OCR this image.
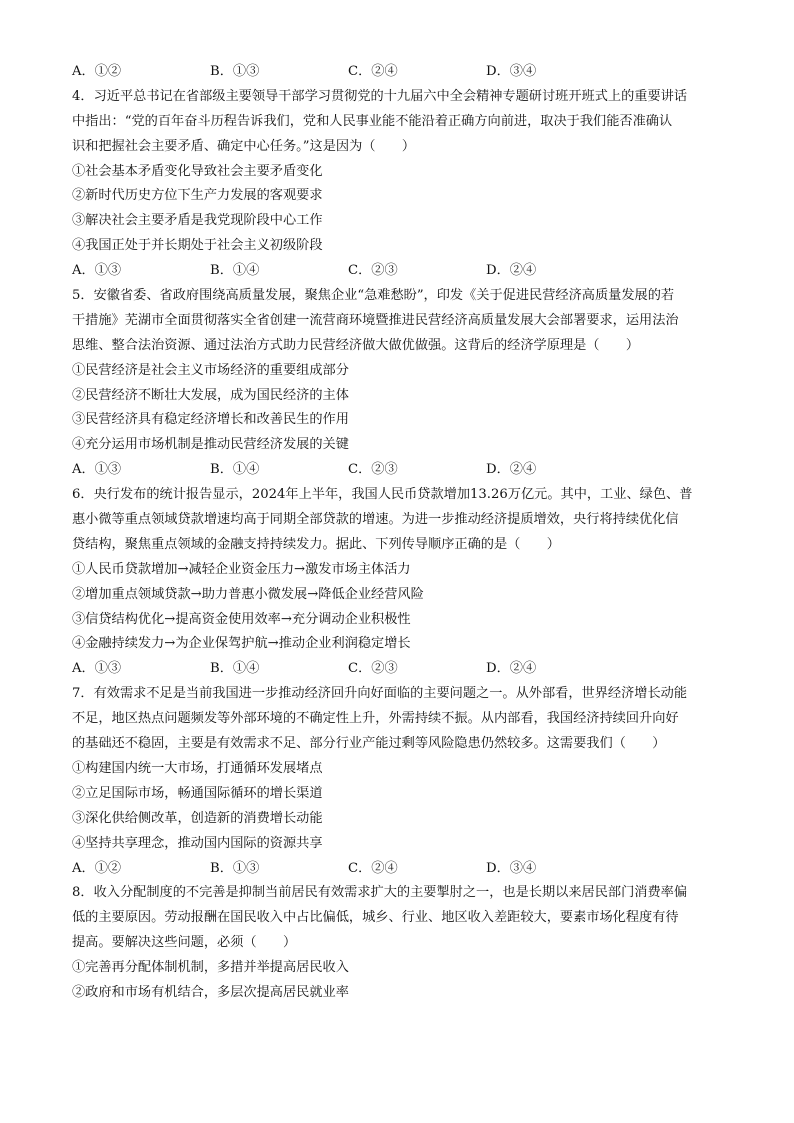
A．①②	B．①③	C．②④	D．③④
4．习近平总书记在省部级主要领导干部学习贯彻党的十九届六中全会精神专题研讨班开班式上的重要讲话
中指出：“党的百年奋斗历程告诉我们，党和人民事业能不能沿着正确方向前进，取决于我们能否准确认
识和把握社会主要矛盾、确定中心任务。”这是因为（　　）
①社会基本矛盾变化导致社会主要矛盾变化
②新时代历史方位下生产力发展的客观要求
③解决社会主要矛盾是我党现阶段中心工作
④我国正处于并长期处于社会主义初级阶段
A．①③	B．①④	C．②③	D．②④
5．安徽省委、省政府围绕高质量发展，聚焦企业“急难愁盼”，印发《关于促进民营经济高质量发展的若
干措施》芜湖市全面贯彻落实全省创建一流营商环境暨推进民营经济高质量发展大会部署要求，运用法治
思维、整合法治资源、通过法治方式助力民营经济做大做优做强。这背后的经济学原理是（　　）
①民营经济是社会主义市场经济的重要组成部分
②民营经济不断壮大发展，成为国民经济的主体
③民营经济具有稳定经济增长和改善民生的作用
④充分运用市场机制是推动民营经济发展的关键
A．①③	B．①④	C．②③	D．②④
6．央行发布的统计报告显示，2024年上半年，我国人民币贷款增加13.26万亿元。其中，工业、绿色、普
惠小微等重点领域贷款增速均高于同期全部贷款的增速。为进一步推动经济提质增效，央行将持续优化信
贷结构，聚焦重点领域的金融支持持续发力。据此、下列传导顺序正确的是（　　）
①人民币贷款增加→减轻企业资金压力→激发市场主体活力
②增加重点领域贷款→助力普惠小微发展→降低企业经营风险
③信贷结构优化→提高资金使用效率→充分调动企业积极性
④金融持续发力→为企业保驾护航→推动企业利润稳定增长
A．①③	B．①④	C．②③	D．②④
7．有效需求不足是当前我国进一步推动经济回升向好面临的主要问题之一。从外部看，世界经济增长动能
不足，地区热点问题频发等外部环境的不确定性上升，外需持续不振。从内部看，我国经济持续回升向好
的基础还不稳固，主要是有效需求不足、部分行业产能过剩等风险隐患仍然较多。这需要我们（　　）
①构建国内统一大市场，打通循环发展堵点
②立足国际市场，畅通国际循环的增长渠道
③深化供给侧改革，创造新的消费增长动能
④坚持共享理念，推动国内国际的资源共享
A．①②	B．①③	C．②④	D．③④
8．收入分配制度的不完善是抑制当前居民有效需求扩大的主要掣肘之一，也是长期以来居民部门消费率偏
低的主要原因。劳动报酬在国民收入中占比偏低，城乡、行业、地区收入差距较大，要素市场化程度有待
提高。要解决这些问题，必须（　　）
①完善再分配体制机制，多措并举提高居民收入
②政府和市场有机结合，多层次提高居民就业率
